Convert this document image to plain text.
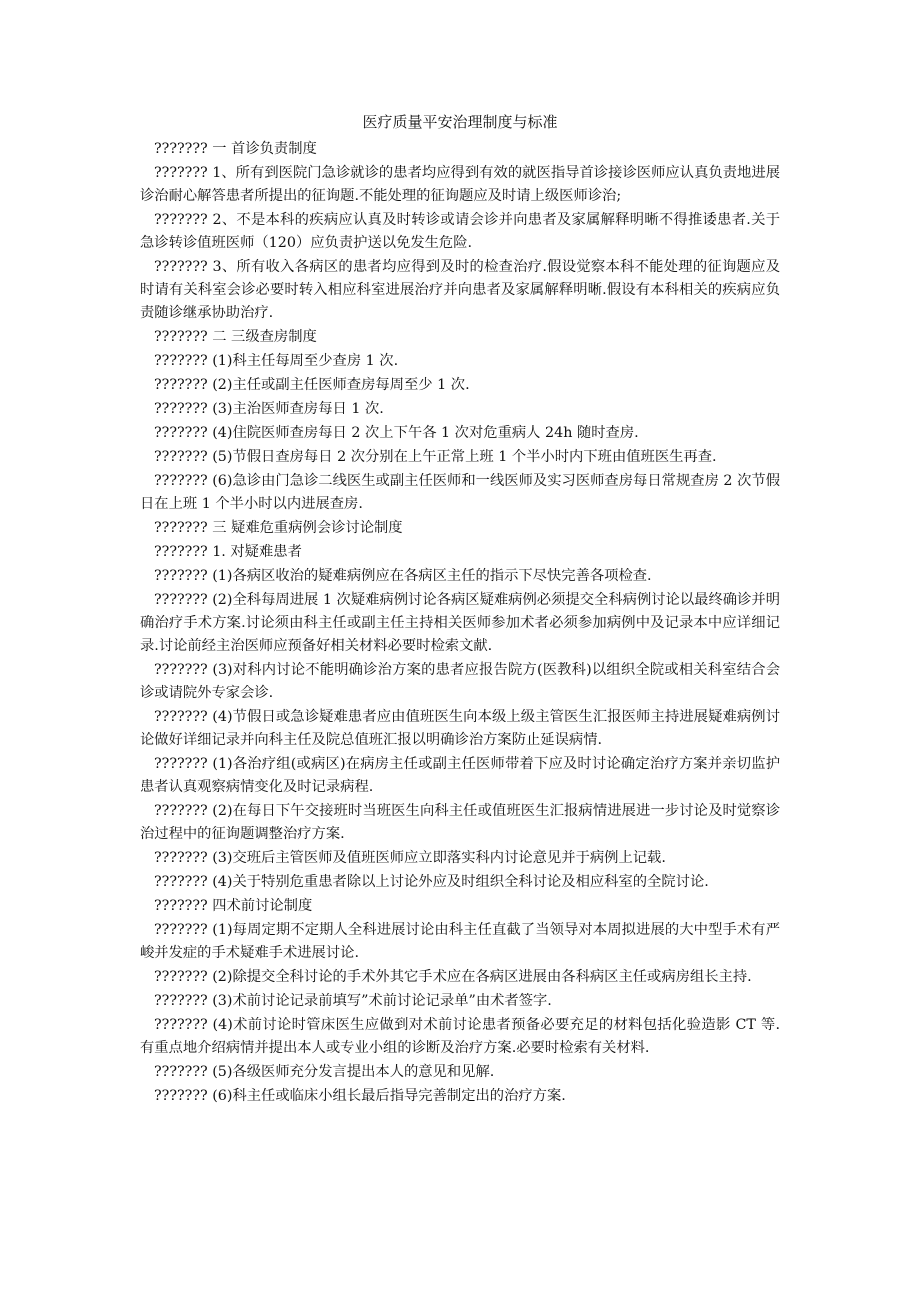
医疗质量平安治理制度与标准

??????? 一 首诊负责制度

??????? 1、所有到医院门急诊就诊的患者均应得到有效的就医指导首诊接诊医师应认真负责地进展诊治耐心解答患者所提出的征询题.不能处理的征询题应及时请上级医师诊治;

??????? 2、不是本科的疾病应认真及时转诊或请会诊并向患者及家属解释明晰不得推诿患者.关于急诊转诊值班医师（120）应负责护送以免发生危险.

??????? 3、所有收入各病区的患者均应得到及时的检查治疗.假设觉察本科不能处理的征询题应及时请有关科室会诊必要时转入相应科室进展治疗并向患者及家属解释明晰.假设有本科相关的疾病应负责随诊继承协助治疗.

??????? 二 三级查房制度

??????? (1)科主任每周至少查房 1 次.

??????? (2)主任或副主任医师查房每周至少 1 次.

??????? (3)主治医师查房每日 1 次.

??????? (4)住院医师查房每日 2 次上下午各 1 次对危重病人 24h 随时查房.

??????? (5)节假日查房每日 2 次分别在上午正常上班 1 个半小时内下班由值班医生再查.

??????? (6)急诊由门急诊二线医生或副主任医师和一线医师及实习医师查房每日常规查房 2 次节假日在上班 1 个半小时以内进展查房.

??????? 三 疑难危重病例会诊讨论制度

??????? 1. 对疑难患者

??????? (1)各病区收治的疑难病例应在各病区主任的指示下尽快完善各项检查.

??????? (2)全科每周进展 1 次疑难病例讨论各病区疑难病例必须提交全科病例讨论以最终确诊并明确治疗手术方案.讨论须由科主任或副主任主持相关医师参加术者必须参加病例中及记录本中应详细记录.讨论前经主治医师应预备好相关材料必要时检索文献.

??????? (3)对科内讨论不能明确诊治方案的患者应报告院方(医教科)以组织全院或相关科室结合会诊或请院外专家会诊.

??????? (4)节假日或急诊疑难患者应由值班医生向本级上级主管医生汇报医师主持进展疑难病例讨论做好详细记录并向科主任及院总值班汇报以明确诊治方案防止延误病情.

??????? (1)各治疗组(或病区)在病房主任或副主任医师带着下应及时讨论确定治疗方案并亲切监护患者认真观察病情变化及时记录病程.

??????? (2)在每日下午交接班时当班医生向科主任或值班医生汇报病情进展进一步讨论及时觉察诊治过程中的征询题调整治疗方案.

??????? (3)交班后主管医师及值班医师应立即落实科内讨论意见并于病例上记载.

??????? (4)关于特别危重患者除以上讨论外应及时组织全科讨论及相应科室的全院讨论.

??????? 四术前讨论制度

??????? (1)每周定期不定期人全科进展讨论由科主任直截了当领导对本周拟进展的大中型手术有严峻并发症的手术疑难手术进展讨论.

??????? (2)除提交全科讨论的手术外其它手术应在各病区进展由各科病区主任或病房组长主持.

??????? (3)术前讨论记录前填写”术前讨论记录单”由术者签字.

??????? (4)术前讨论时管床医生应做到对术前讨论患者预备必要充足的材料包括化验造影 CT 等.有重点地介绍病情并提出本人或专业小组的诊断及治疗方案.必要时检索有关材料.

??????? (5)各级医师充分发言提出本人的意见和见解.

??????? (6)科主任或临床小组长最后指导完善制定出的治疗方案.
